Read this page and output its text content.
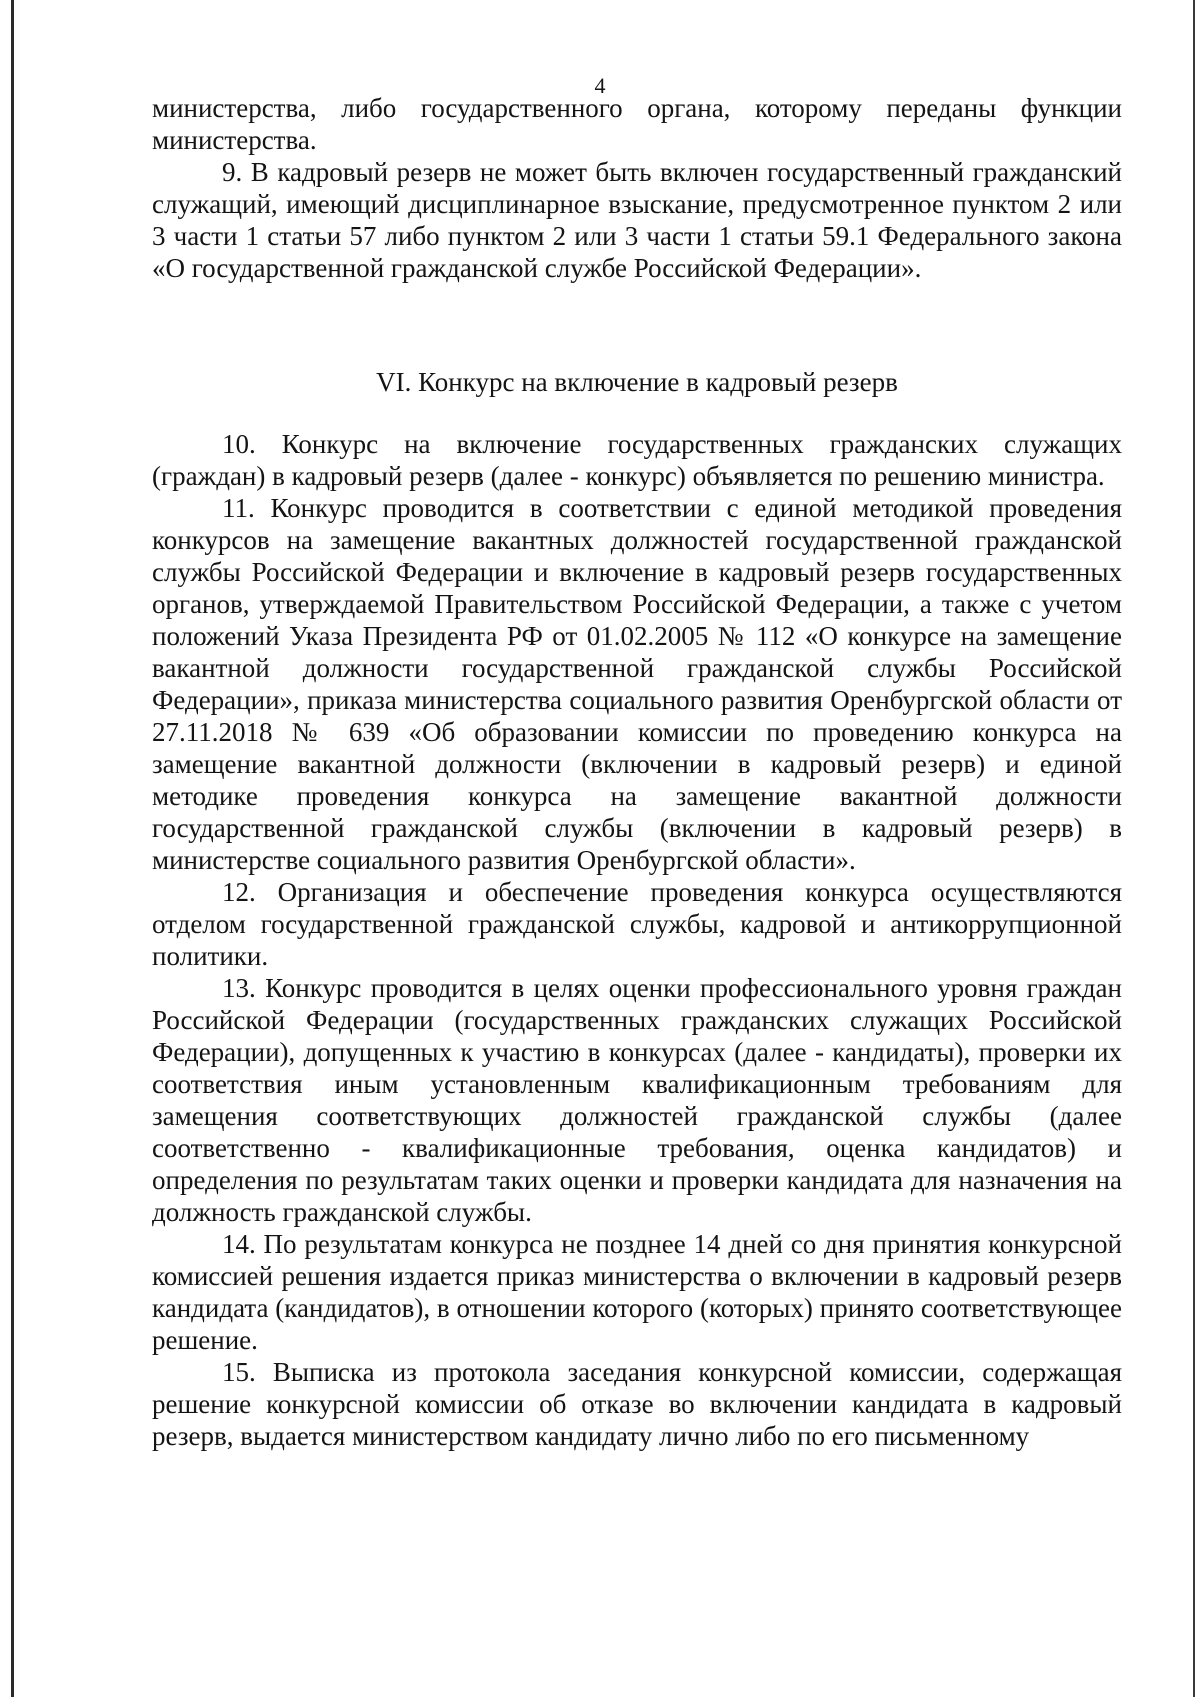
4

министерства, либо государственного органа, которому переданы функции министерства.

9. В кадровый резерв не может быть включен государственный гражданский служащий, имеющий дисциплинарное взыскание, предусмотренное пунктом 2 или 3 части 1 статьи 57 либо пунктом 2 или 3 части 1 статьи 59.1 Федерального закона «О государственной гражданской службе Российской Федерации».

VI. Конкурс на включение в кадровый резерв

10. Конкурс на включение государственных гражданских служащих (граждан) в кадровый резерв (далее - конкурс) объявляется по решению министра.

11. Конкурс проводится в соответствии с единой методикой проведения конкурсов на замещение вакантных должностей государственной гражданской службы Российской Федерации и включение в кадровый резерв государственных органов, утверждаемой Правительством Российской Федерации, а также с учетом положений Указа Президента РФ от 01.02.2005 № 112 «О конкурсе на замещение вакантной должности государственной гражданской службы Российской Федерации», приказа министерства социального развития Оренбургской области от 27.11.2018 № 639 «Об образовании комиссии по проведению конкурса на замещение вакантной должности (включении в кадровый резерв) и единой методике проведения конкурса на замещение вакантной должности государственной гражданской службы (включении в кадровый резерв) в министерстве социального развития Оренбургской области».

12. Организация и обеспечение проведения конкурса осуществляются отделом государственной гражданской службы, кадровой и антикоррупционной политики.

13. Конкурс проводится в целях оценки профессионального уровня граждан Российской Федерации (государственных гражданских служащих Российской Федерации), допущенных к участию в конкурсах (далее - кандидаты), проверки их соответствия иным установленным квалификационным требованиям для замещения соответствующих должностей гражданской службы (далее соответственно - квалификационные требования, оценка кандидатов) и определения по результатам таких оценки и проверки кандидата для назначения на должность гражданской службы.

14. По результатам конкурса не позднее 14 дней со дня принятия конкурсной комиссией решения издается приказ министерства о включении в кадровый резерв кандидата (кандидатов), в отношении которого (которых) принято соответствующее решение.

15. Выписка из протокола заседания конкурсной комиссии, содержащая решение конкурсной комиссии об отказе во включении кандидата в кадровый резерв, выдается министерством кандидату лично либо по его письменному
